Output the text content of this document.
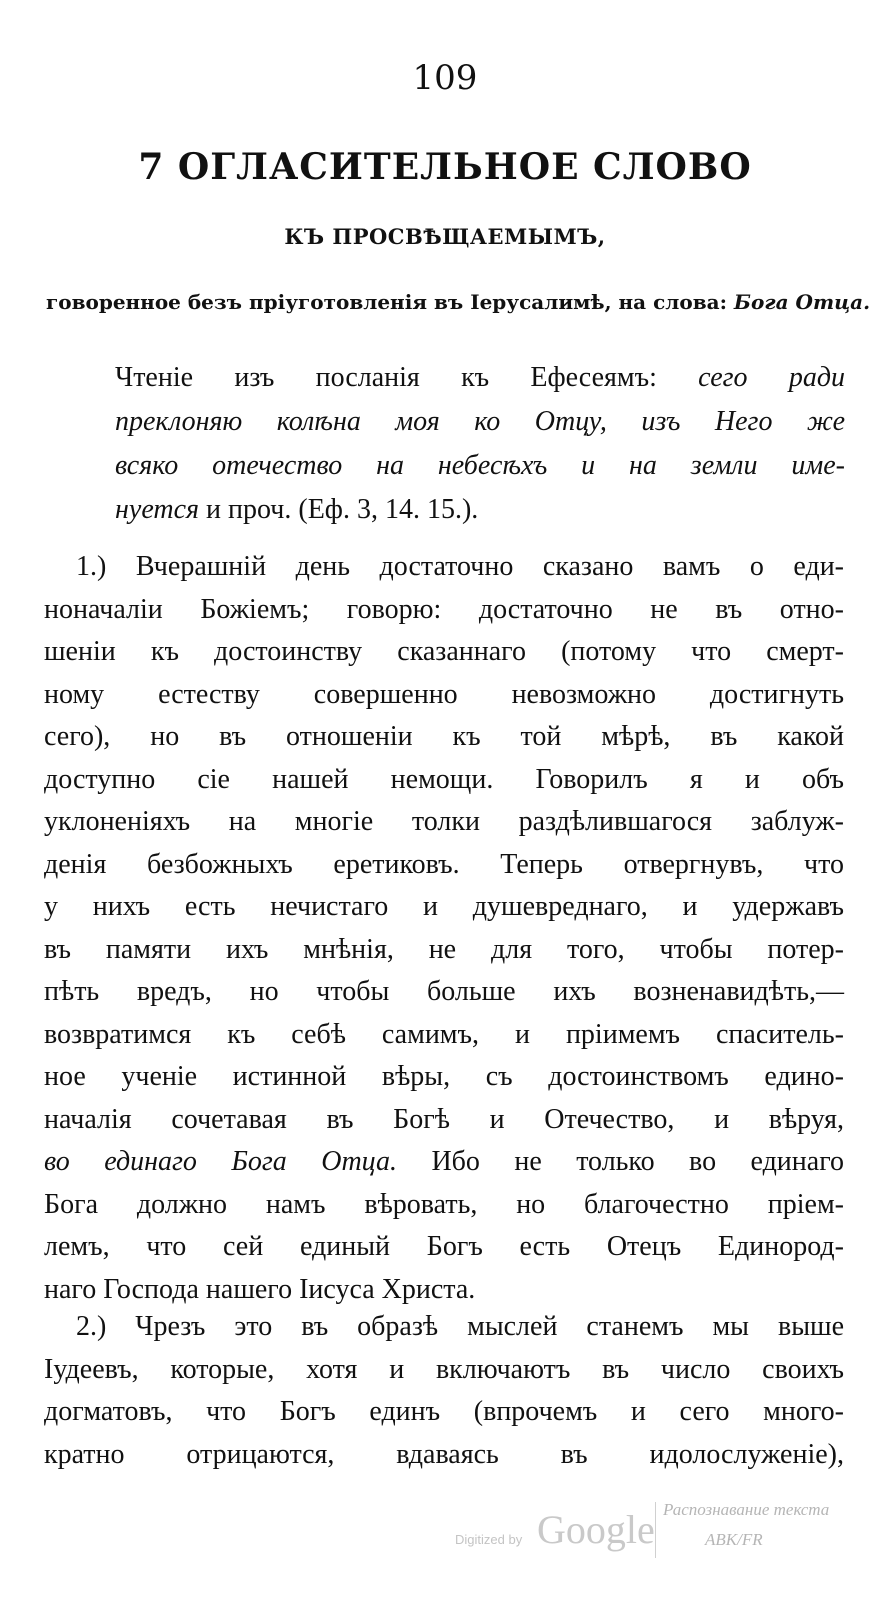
109
7 ОГЛАСИТЕЛЬНОЕ СЛОВО
КЪ ПРОСВѢЩАЕМЫМЪ,
говоренное безъ пріуготовленія въ Іерусалимѣ, на слова: Бога Отца.
Чтеніе изъ посланія къ Ефесеямъ: сего ради
преклоняю колѣна моя ко Отцу, изъ Него же
всяко отечество на небесѣхъ и на земли име-
нуется и проч. (Еф. 3, 14. 15.).
1.) Вчерашній день достаточно сказано вамъ о еди-
ноначаліи Божіемъ; говорю: достаточно не въ отно-
шеніи къ достоинству сказаннаго (потому что смерт-
ному естеству совершенно невозможно достигнуть
сего), но въ отношеніи къ той мѣрѣ, въ какой
доступно сіе нашей немощи. Говорилъ я и объ
уклоненіяхъ на многіе толки раздѣлившагося заблуж-
денія безбожныхъ еретиковъ. Теперь отвергнувъ, что
у нихъ есть нечистаго и душевреднаго, и удержавъ
въ памяти ихъ мнѣнія, не для того, чтобы потер-
пѣть вредъ, но чтобы больше ихъ возненавидѣть,—
возвратимся къ себѣ самимъ, и пріимемъ спаситель-
ное ученіе истинной вѣры, съ достоинствомъ едино-
началія сочетавая въ Богѣ и Отечество, и вѣруя,
во единаго Бога Отца. Ибо не только во единаго
Бога должно намъ вѣровать, но благочестно пріем-
лемъ, что сей единый Богъ есть Отецъ Единород-
наго Господа нашего Іисуса Христа.
2.) Чрезъ это въ образѣ мыслей станемъ мы выше
Іудеевъ, которые, хотя и включаютъ въ число своихъ
догматовъ, что Богъ единъ (впрочемъ и сего много-
кратно отрицаются, вдаваясь въ идолослуженіе),
Digitized by Google Распознавание текста
ABK/FR
